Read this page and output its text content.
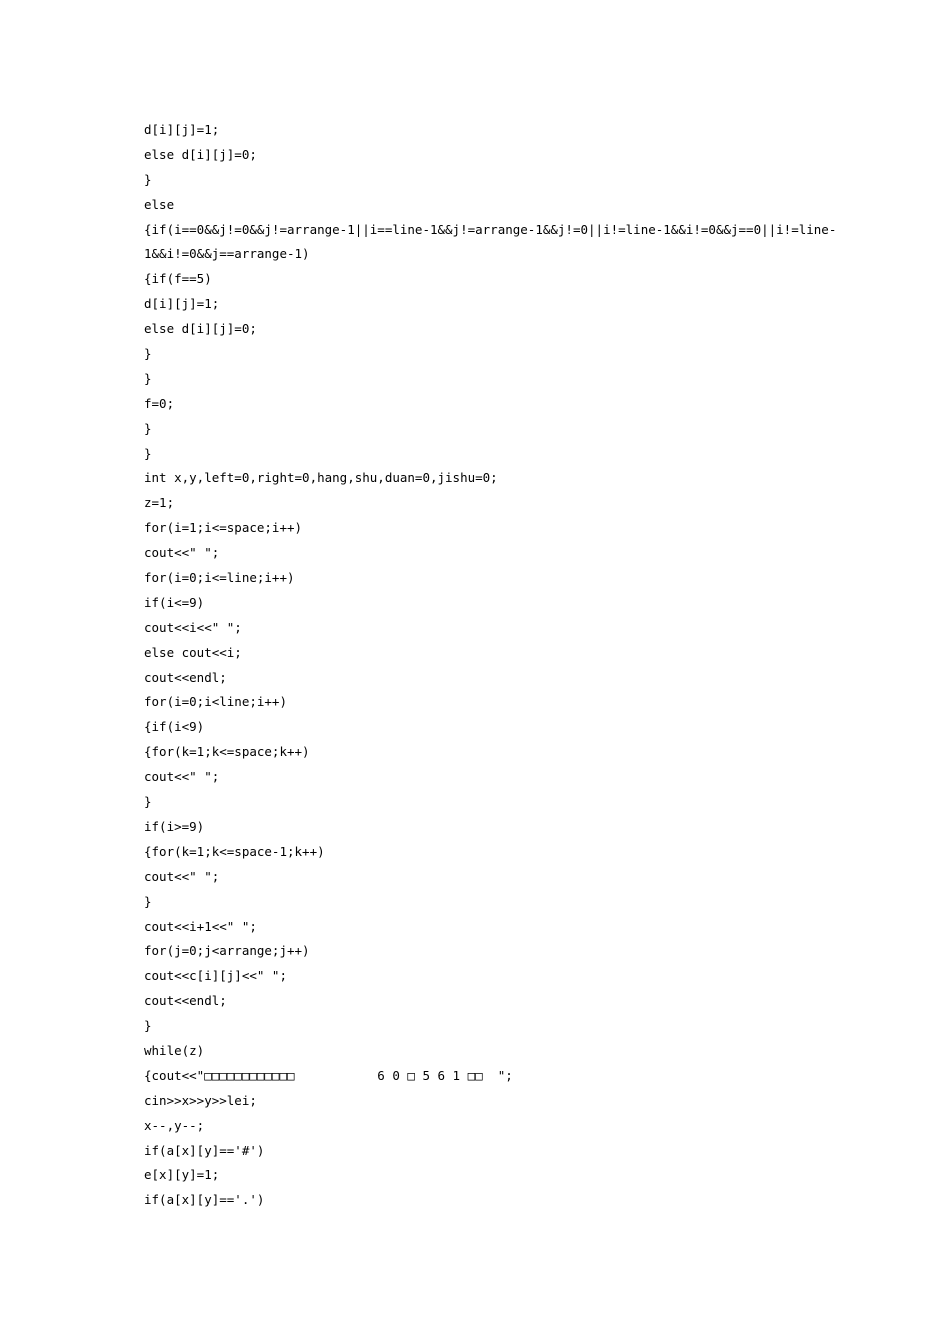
d[i][j]=1;
else d[i][j]=0;
}
else
{if(i==0&&j!=0&&j!=arrange-1||i==line-1&&j!=arrange-1&&j!=0||i!=line-1&&i!=0&&j==0||i!=line-
1&&i!=0&&j==arrange-1)
{if(f==5)
d[i][j]=1;
else d[i][j]=0;
}
}
f=0;
}
}
int x,y,left=0,right=0,hang,shu,duan=0,jishu=0;
z=1;
for(i=1;i<=space;i++)
cout<<" ";
for(i=0;i<=line;i++)
if(i<=9)
cout<<i<<" ";
else cout<<i;
cout<<endl;
for(i=0;i<line;i++)
{if(i<9)
{for(k=1;k<=space;k++)
cout<<" ";
}
if(i>=9)
{for(k=1;k<=space-1;k++)
cout<<" ";
}
cout<<i+1<<" ";
for(j=0;j<arrange;j++)
cout<<c[i][j]<<" ";
cout<<endl;
}
while(z)
{cout<<"□□□□□□□□□□□□           6 0 □ 5 6 1 □□  ";
cin>>x>>y>>lei;
x--,y--;
if(a[x][y]=='#')
e[x][y]=1;
if(a[x][y]=='.')
